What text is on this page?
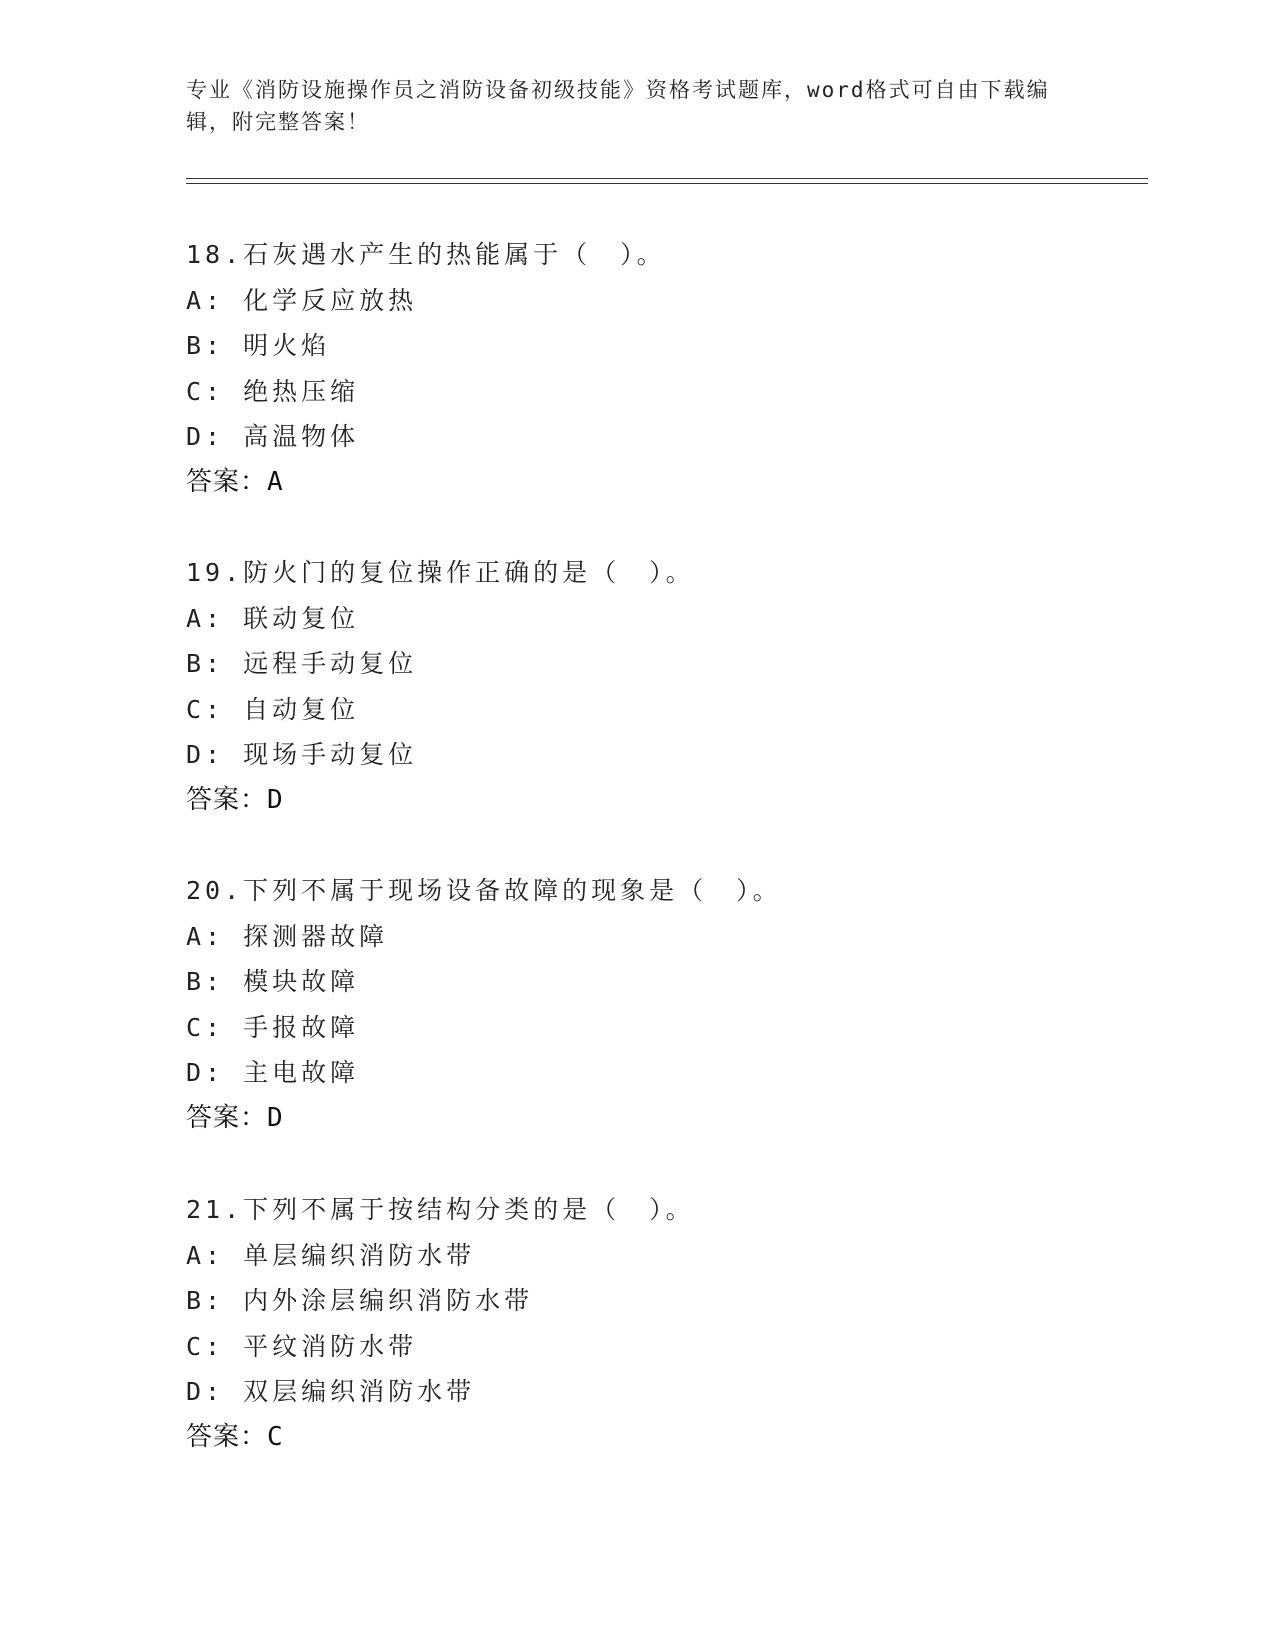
专业《消防设施操作员之消防设备初级技能》资格考试题库，word格式可自由下载编辑，附完整答案！
18.石灰遇水产生的热能属于（　）。
A: 化学反应放热
B: 明火焰
C: 绝热压缩
D: 高温物体
答案：A
19.防火门的复位操作正确的是（　）。
A: 联动复位
B: 远程手动复位
C: 自动复位
D: 现场手动复位
答案：D
20.下列不属于现场设备故障的现象是（　）。
A: 探测器故障
B: 模块故障
C: 手报故障
D: 主电故障
答案：D
21.下列不属于按结构分类的是（　）。
A: 单层编织消防水带
B: 内外涂层编织消防水带
C: 平纹消防水带
D: 双层编织消防水带
答案：C
